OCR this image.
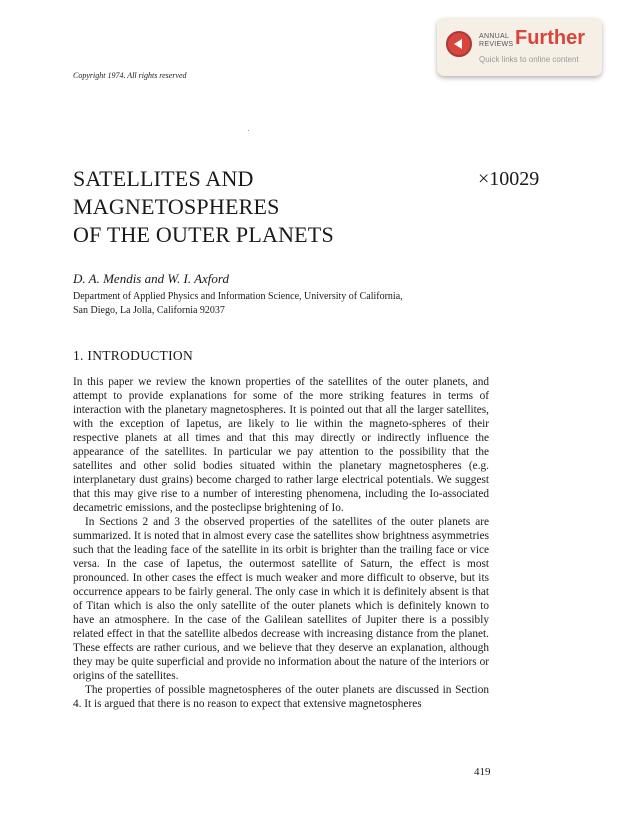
ANNUAL REVIEWS Further
Quick links to online content
Copyright 1974. All rights reserved
SATELLITES AND
MAGNETOSPHERES
OF THE OUTER PLANETS
×10029
D. A. Mendis and W. I. Axford
Department of Applied Physics and Information Science, University of California,
San Diego, La Jolla, California 92037
1. INTRODUCTION

In this paper we review the known properties of the satellites of the outer planets, and attempt to provide explanations for some of the more striking features in terms of interaction with the planetary magnetospheres. It is pointed out that all the larger satellites, with the exception of Iapetus, are likely to lie within the magneto-spheres of their respective planets at all times and that this may directly or indirectly influence the appearance of the satellites. In particular we pay attention to the possibility that the satellites and other solid bodies situated within the planetary magnetospheres (e.g. interplanetary dust grains) become charged to rather large electrical potentials. We suggest that this may give rise to a number of interesting phenomena, including the Io-associated decametric emissions, and the posteclipse brightening of Io.

In Sections 2 and 3 the observed properties of the satellites of the outer planets are summarized. It is noted that in almost every case the satellites show brightness asymmetries such that the leading face of the satellite in its orbit is brighter than the trailing face or vice versa. In the case of Iapetus, the outermost satellite of Saturn, the effect is most pronounced. In other cases the effect is much weaker and more difficult to observe, but its occurrence appears to be fairly general. The only case in which it is definitely absent is that of Titan which is also the only satellite of the outer planets which is definitely known to have an atmosphere. In the case of the Galilean satellites of Jupiter there is a possibly related effect in that the satellite albedos decrease with increasing distance from the planet. These effects are rather curious, and we believe that they deserve an explanation, although they may be quite superficial and provide no information about the nature of the interiors or origins of the satellites.

The properties of possible magnetospheres of the outer planets are discussed in Section 4. It is argued that there is no reason to expect that extensive magnetospheres

419
